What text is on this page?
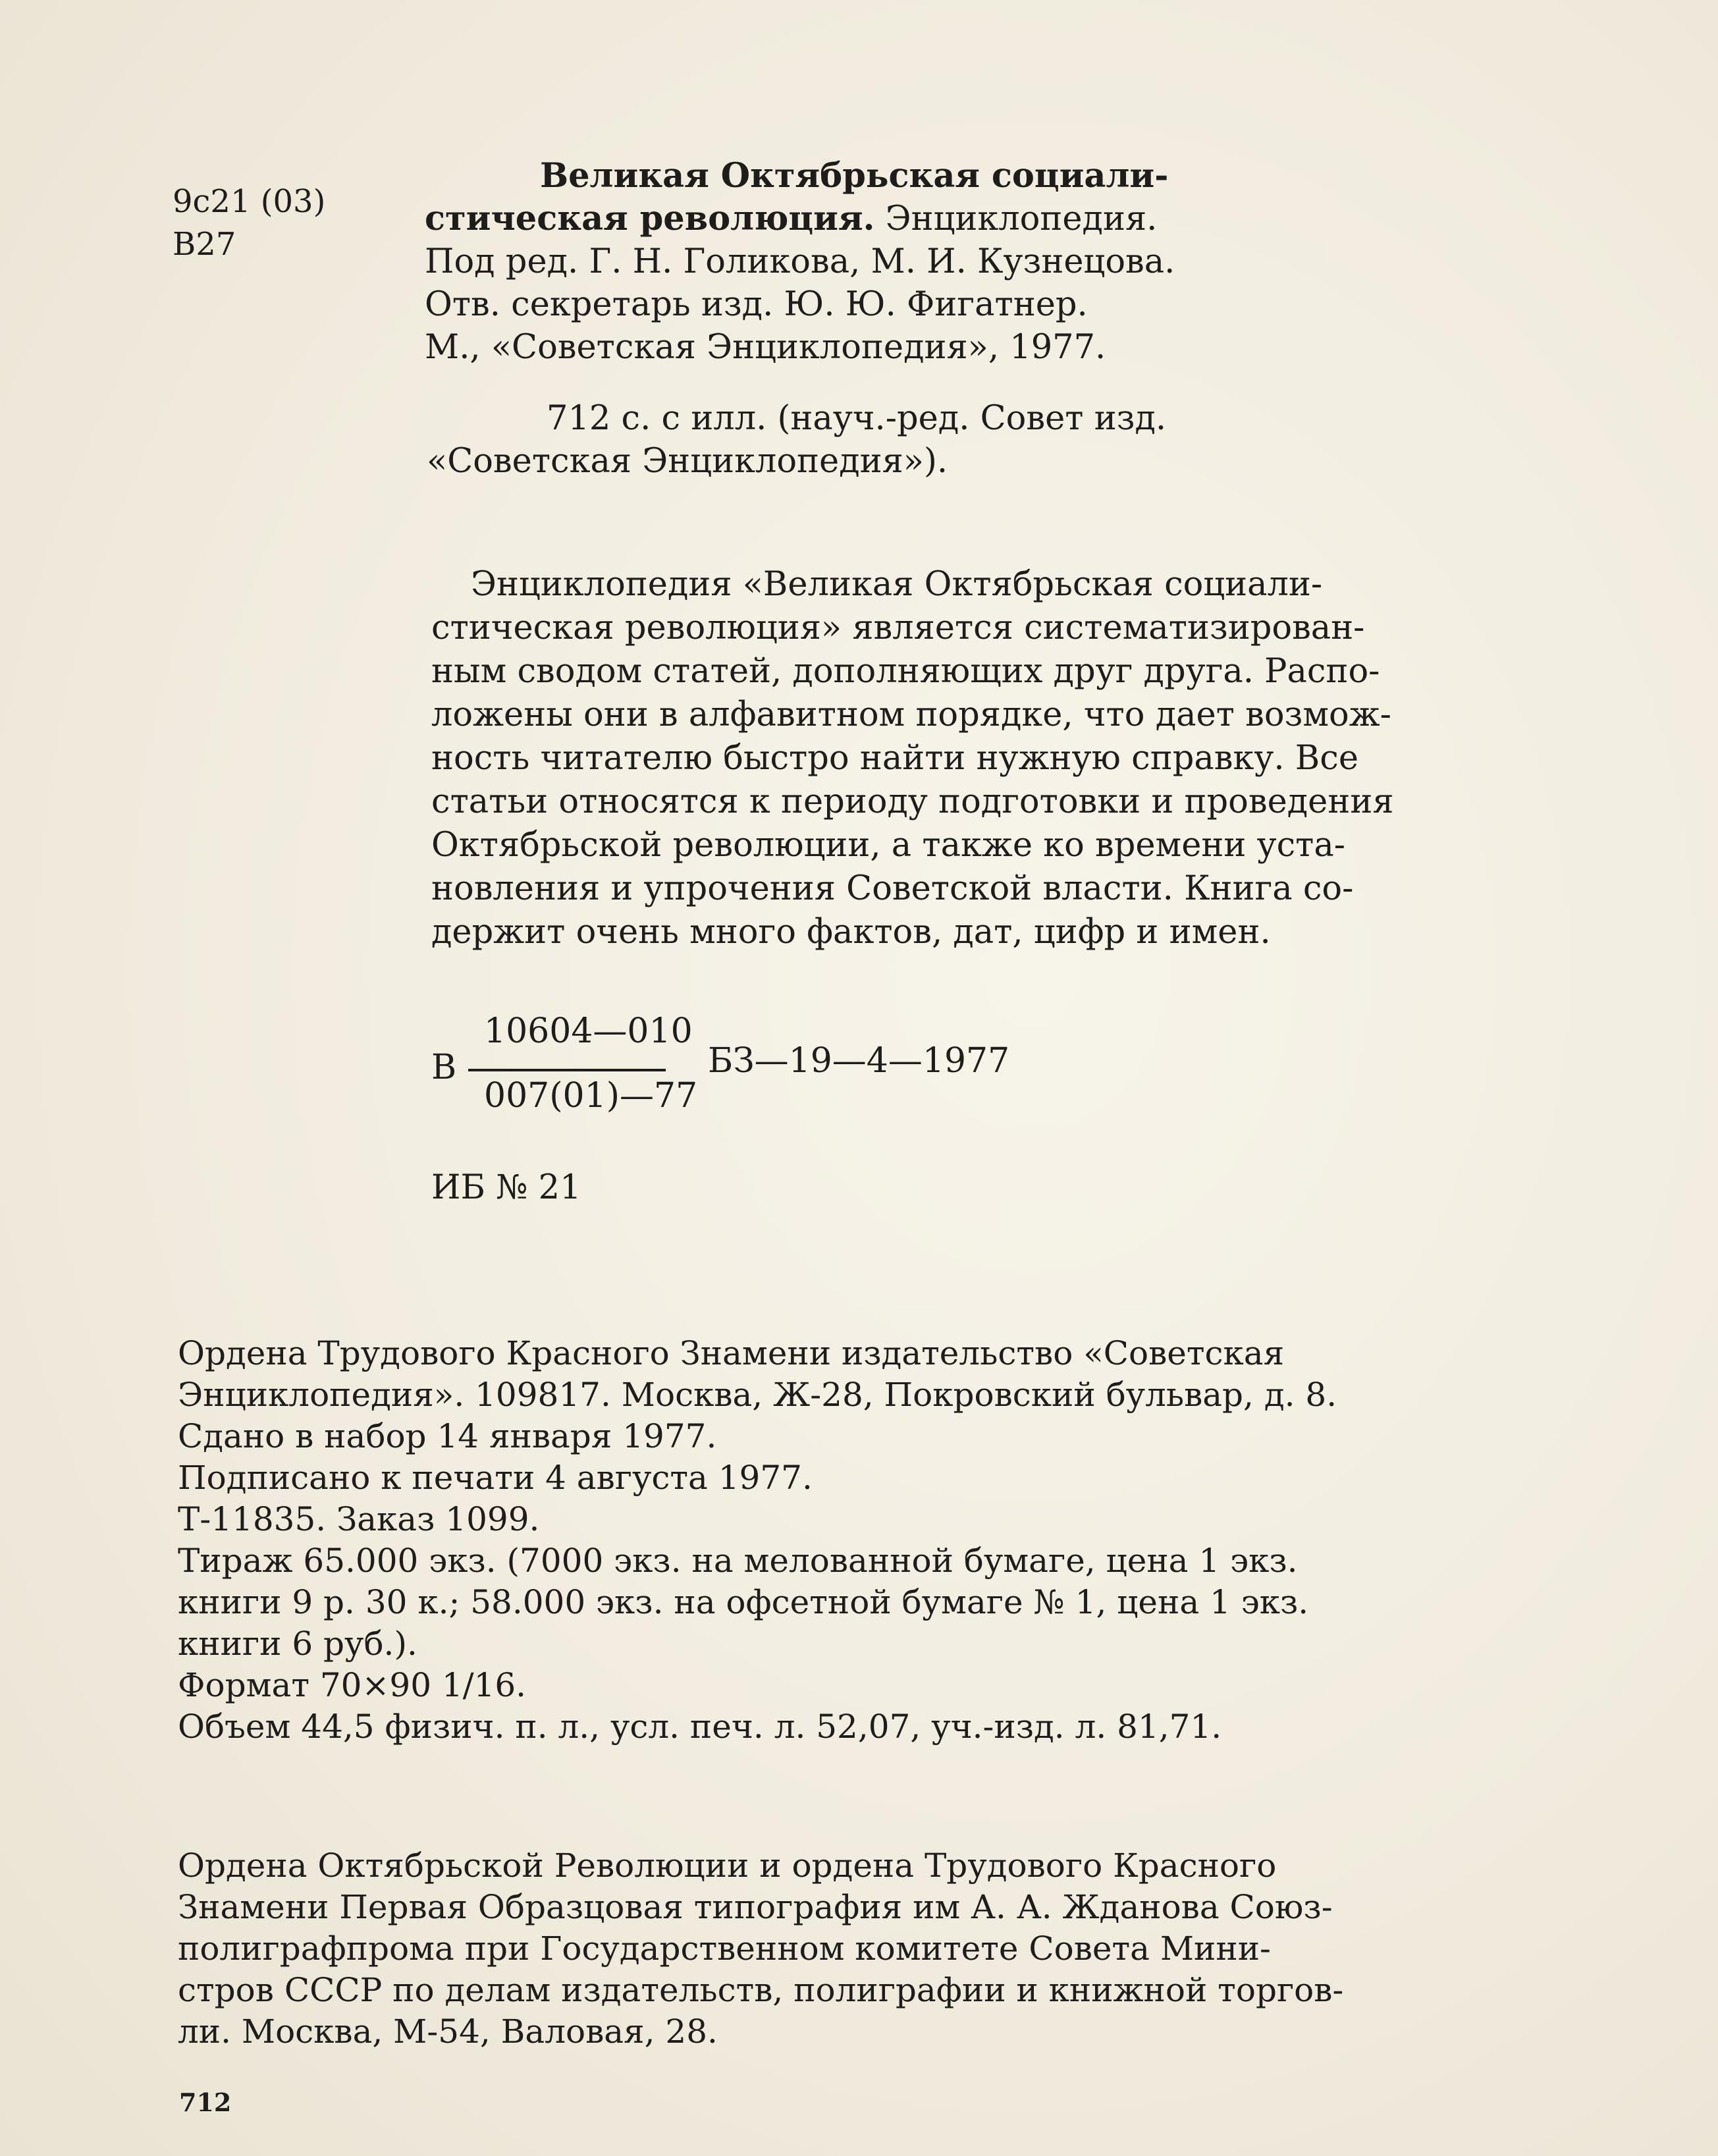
9с21 (03)
В27
Великая Октябрьская социали-
стическая революция. Энциклопедия.
Под ред. Г. Н. Голикова, М. И. Кузнецова.
Отв. секретарь изд. Ю. Ю. Фигатнер.
М., «Советская Энциклопедия», 1977.
712 с. с илл. (науч.-ред. Совет изд.
«Советская Энциклопедия»).
Энциклопедия «Великая Октябрьская социали-
стическая революция» является систематизирован-
ным сводом статей, дополняющих друг друга. Распо-
ложены они в алфавитном порядке, что дает возмож-
ность читателю быстро найти нужную справку. Все
статьи относятся к периоду подготовки и проведения
Октябрьской революции, а также ко времени уста-
новления и упрочения Советской власти. Книга со-
держит очень много фактов, дат, цифр и имен.
В
10604—010
007(01)—77
БЗ—19—4—1977
ИБ № 21
Ордена Трудового Красного Знамени издательство «Советская
Энциклопедия». 109817. Москва, Ж-28, Покровский бульвар, д. 8.
Сдано в набор 14 января 1977.
Подписано к печати 4 августа 1977.
Т-11835. Заказ 1099.
Тираж 65.000 экз. (7000 экз. на мелованной бумаге, цена 1 экз.
книги 9 р. 30 к.; 58.000 экз. на офсетной бумаге № 1, цена 1 экз.
книги 6 руб.).
Формат 70×90 1/16.
Объем 44,5 физич. п. л., усл. печ. л. 52,07, уч.-изд. л. 81,71.
Ордена Октябрьской Революции и ордена Трудового Красного
Знамени Первая Образцовая типография им А. А. Жданова Союз-
полиграфпрома при Государственном комитете Совета Мини-
стров СССР по делам издательств, полиграфии и книжной торгов-
ли. Москва, М-54, Валовая, 28.
712
